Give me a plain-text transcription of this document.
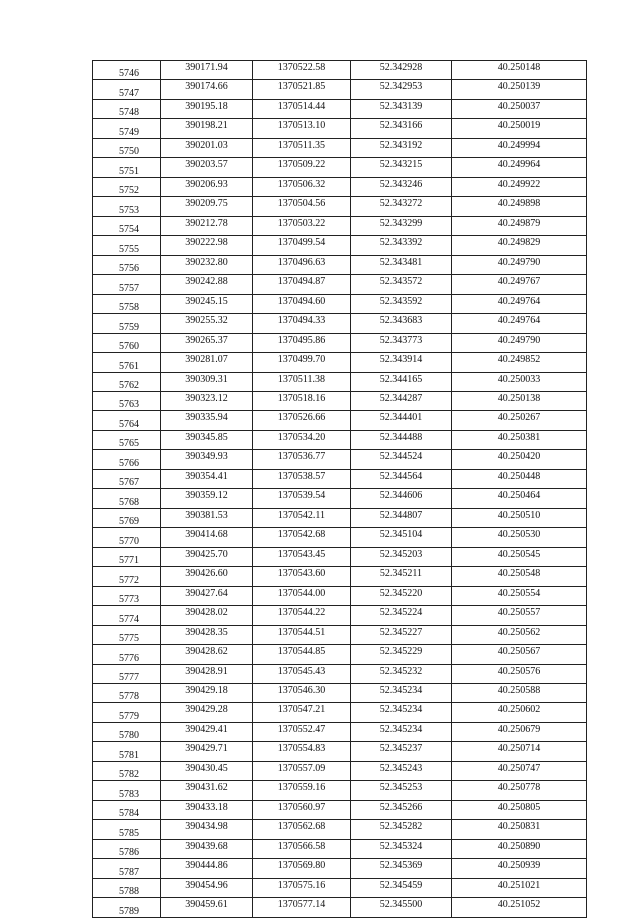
5746	390171.94	1370522.58	52.342928	40.250148
5747	390174.66	1370521.85	52.342953	40.250139
5748	390195.18	1370514.44	52.343139	40.250037
5749	390198.21	1370513.10	52.343166	40.250019
5750	390201.03	1370511.35	52.343192	40.249994
5751	390203.57	1370509.22	52.343215	40.249964
5752	390206.93	1370506.32	52.343246	40.249922
5753	390209.75	1370504.56	52.343272	40.249898
5754	390212.78	1370503.22	52.343299	40.249879
5755	390222.98	1370499.54	52.343392	40.249829
5756	390232.80	1370496.63	52.343481	40.249790
5757	390242.88	1370494.87	52.343572	40.249767
5758	390245.15	1370494.60	52.343592	40.249764
5759	390255.32	1370494.33	52.343683	40.249764
5760	390265.37	1370495.86	52.343773	40.249790
5761	390281.07	1370499.70	52.343914	40.249852
5762	390309.31	1370511.38	52.344165	40.250033
5763	390323.12	1370518.16	52.344287	40.250138
5764	390335.94	1370526.66	52.344401	40.250267
5765	390345.85	1370534.20	52.344488	40.250381
5766	390349.93	1370536.77	52.344524	40.250420
5767	390354.41	1370538.57	52.344564	40.250448
5768	390359.12	1370539.54	52.344606	40.250464
5769	390381.53	1370542.11	52.344807	40.250510
5770	390414.68	1370542.68	52.345104	40.250530
5771	390425.70	1370543.45	52.345203	40.250545
5772	390426.60	1370543.60	52.345211	40.250548
5773	390427.64	1370544.00	52.345220	40.250554
5774	390428.02	1370544.22	52.345224	40.250557
5775	390428.35	1370544.51	52.345227	40.250562
5776	390428.62	1370544.85	52.345229	40.250567
5777	390428.91	1370545.43	52.345232	40.250576
5778	390429.18	1370546.30	52.345234	40.250588
5779	390429.28	1370547.21	52.345234	40.250602
5780	390429.41	1370552.47	52.345234	40.250679
5781	390429.71	1370554.83	52.345237	40.250714
5782	390430.45	1370557.09	52.345243	40.250747
5783	390431.62	1370559.16	52.345253	40.250778
5784	390433.18	1370560.97	52.345266	40.250805
5785	390434.98	1370562.68	52.345282	40.250831
5786	390439.68	1370566.58	52.345324	40.250890
5787	390444.86	1370569.80	52.345369	40.250939
5788	390454.96	1370575.16	52.345459	40.251021
5789	390459.61	1370577.14	52.345500	40.251052
